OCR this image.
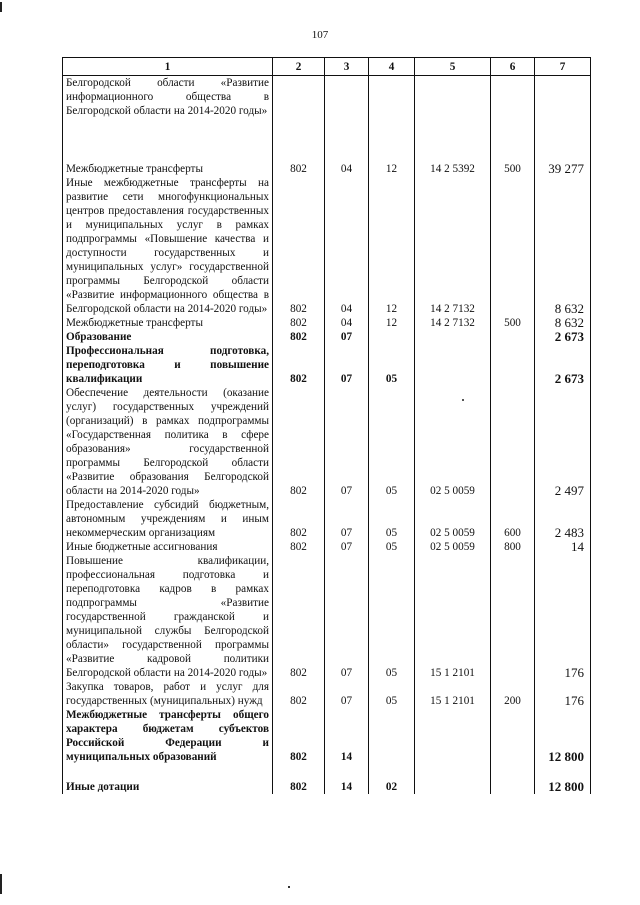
107
1	2	3	4	5	6	7
Белгородской области «Развитие информационного общества в Белгородской области на 2014-2020 годы»						
Межбюджетные трансферты	802	04	12	14 2 5392	500	39 277
Иные межбюджетные трансферты на развитие сети многофункциональных центров предоставления государственных и муниципальных услуг в рамках подпрограммы «Повышение качества и доступности государственных и муниципальных услуг» государственной программы Белгородской области «Развитие информационного общества в Белгородской области на 2014-2020 годы»	802	04	12	14 2 7132		8 632
Межбюджетные трансферты	802	04	12	14 2 7132	500	8 632
Образование	802	07				2 673
Профессиональная подготовка, переподготовка и повышение квалификации	802	07	05			2 673
Обеспечение деятельности (оказание услуг) государственных учреждений (организаций) в рамках подпрограммы «Государственная политика в сфере образования» государственной программы Белгородской области «Развитие образования Белгородской области на 2014-2020 годы»	802	07	05	02 5 0059		2 497
Предоставление субсидий бюджетным, автономным учреждениям и иным некоммерческим организациям	802	07	05	02 5 0059	600	2 483
Иные бюджетные ассигнования	802	07	05	02 5 0059	800	14
Повышение квалификации, профессиональная подготовка и переподготовка кадров в рамках подпрограммы «Развитие государственной гражданской и муниципальной службы Белгородской области» государственной программы «Развитие кадровой политики Белгородской области на 2014-2020 годы»	802	07	05	15 1 2101		176
Закупка товаров, работ и услуг для государственных (муниципальных) нужд	802	07	05	15 1 2101	200	176
Межбюджетные трансферты общего характера бюджетам субъектов Российской Федерации и муниципальных образований	802	14				12 800
Иные дотации	802	14	02			12 800
